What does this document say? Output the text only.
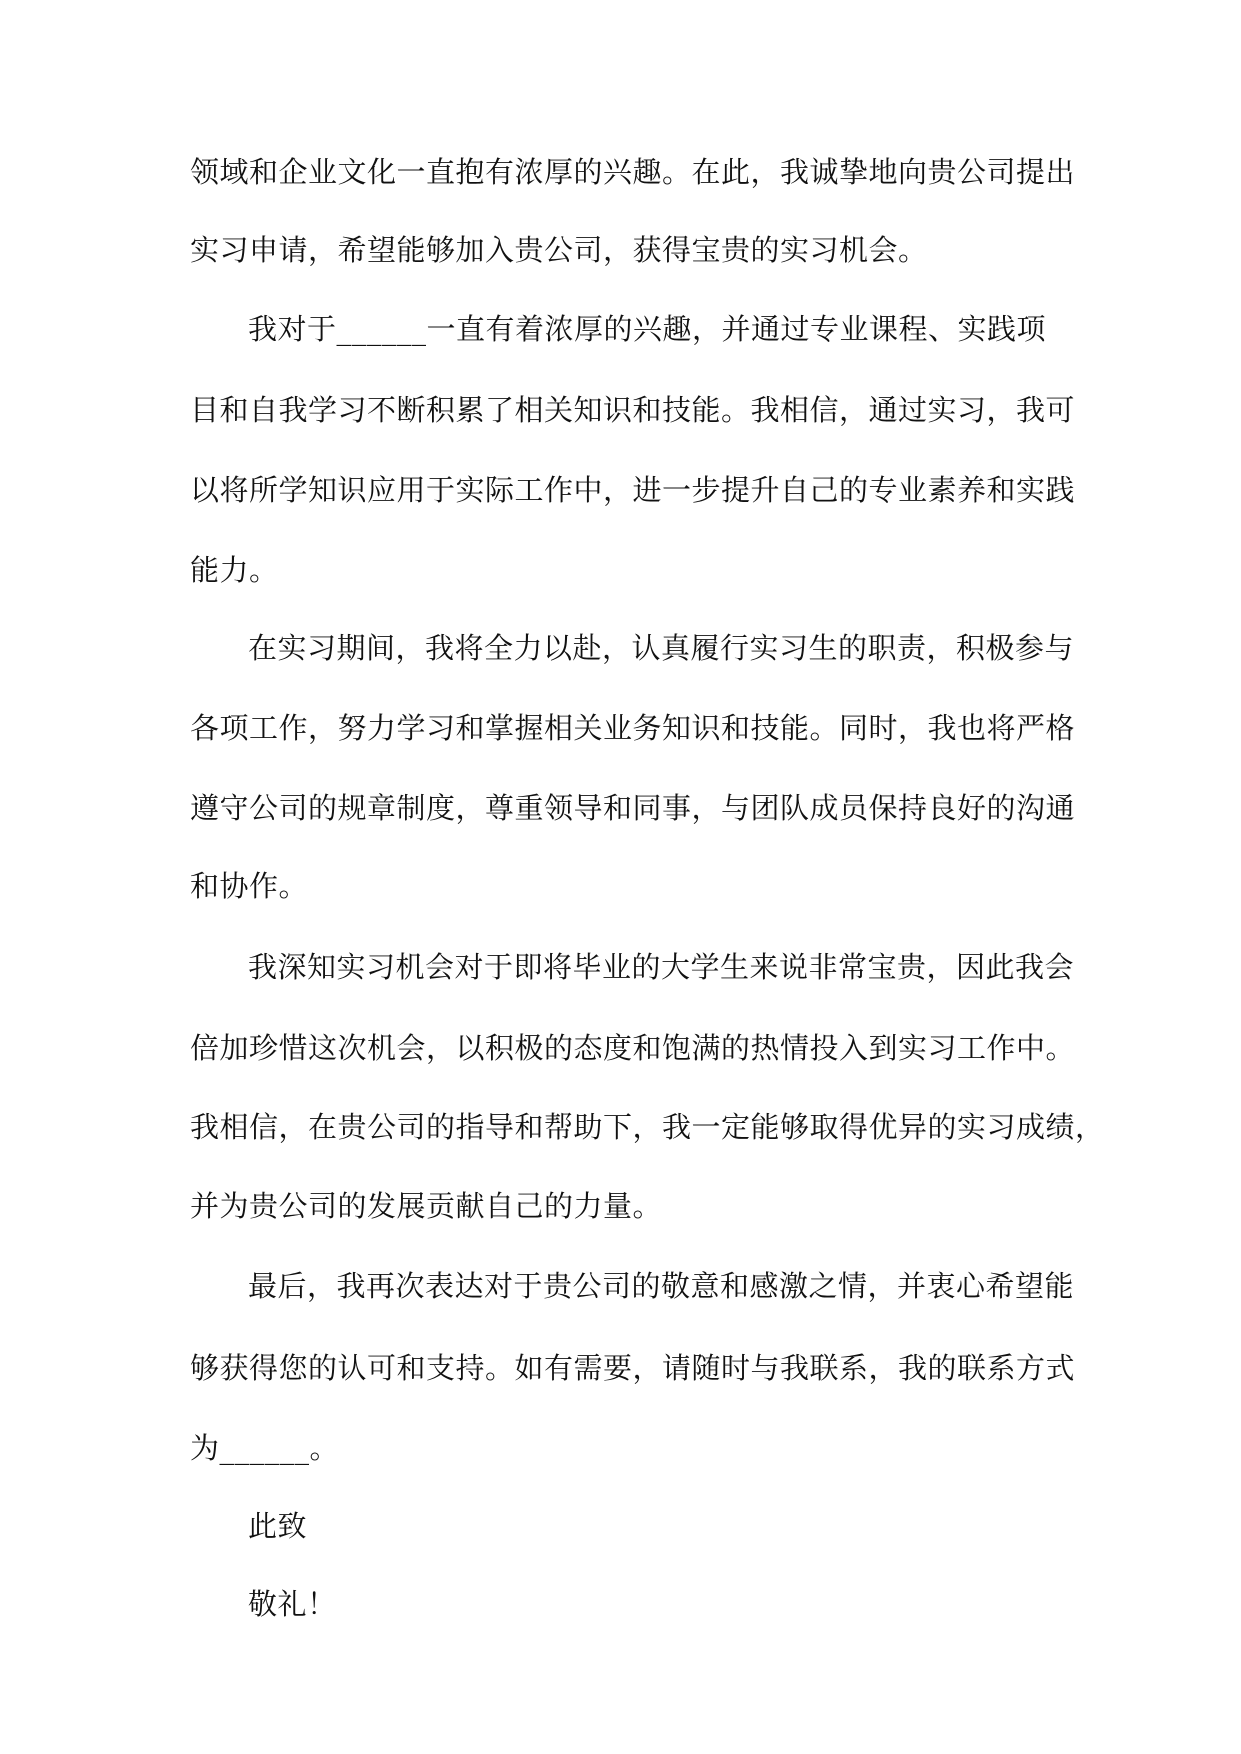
领域和企业文化一直抱有浓厚的兴趣。在此，我诚挚地向贵公司提出
实习申请，希望能够加入贵公司，获得宝贵的实习机会。
我对于______一直有着浓厚的兴趣，并通过专业课程、实践项
目和自我学习不断积累了相关知识和技能。我相信，通过实习，我可
以将所学知识应用于实际工作中，进一步提升自己的专业素养和实践
能力。
在实习期间，我将全力以赴，认真履行实习生的职责，积极参与
各项工作，努力学习和掌握相关业务知识和技能。同时，我也将严格
遵守公司的规章制度，尊重领导和同事，与团队成员保持良好的沟通
和协作。
我深知实习机会对于即将毕业的大学生来说非常宝贵，因此我会
倍加珍惜这次机会，以积极的态度和饱满的热情投入到实习工作中。
我相信，在贵公司的指导和帮助下，我一定能够取得优异的实习成绩，
并为贵公司的发展贡献自己的力量。
最后，我再次表达对于贵公司的敬意和感激之情，并衷心希望能
够获得您的认可和支持。如有需要，请随时与我联系，我的联系方式
为______。
此致
敬礼！
